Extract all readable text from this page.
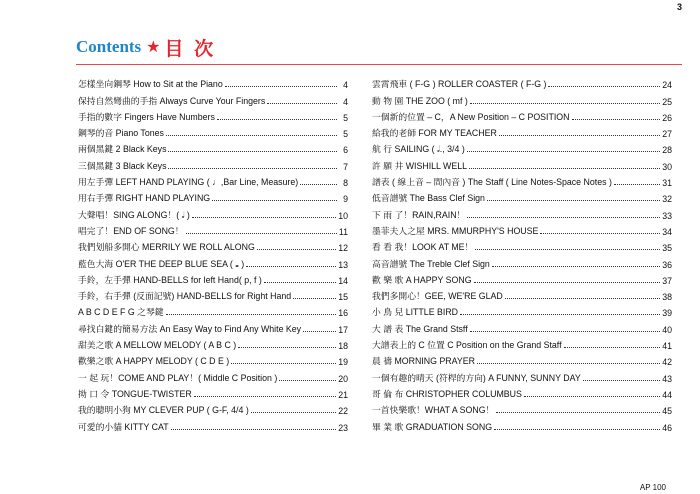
3
Contents ★ 目 次
怎樣坐向鋼琴 How to Sit at the Piano	4
保持自然彎曲的手指 Always Curve Your Fingers	4
手指的數字 Fingers Have Numbers	5
鋼琴的音 Piano Tones	5
兩個黑鍵 2 Black Keys	6
三個黑鍵 3 Black Keys	7
用左手彈 LEFT HAND PLAYING ( ♩,Bar Line, Measure)	8
用右手彈 RIGHT HAND PLAYING	9
大聲唱！SING ALONG！( 𝅗𝅥 )	10
唱完了！END OF SONG！	11
我們划船多開心 MERRILY WE ROLL ALONG	12
藍色大海 O'ER THE DEEP BLUE SEA ( 𝅝 )	13
手鈴，左手彈 HAND-BELLS for left Hand( p, f )	14
手鈴，右手彈 (反面記號) HAND-BELLS for Right Hand	15
A B C D E F G 之琴鍵	16
尋找白鍵的簡易方法 An Easy Way to Find Any White Key	17
甜美之歌 A MELLOW MELODY ( A B C )	18
歡樂之歌 A HAPPY MELODY ( C D E )	19
一 起 玩！COME AND PLAY！( Middle C Position )	20
拗 口 令 TONGUE-TWISTER	21
我的聰明小狗 MY CLEVER PUP ( G-F, 4/4 )	22
可愛的小貓 KITTY CAT	23
雲霄飛車 ( F-G ) ROLLER COASTER ( F-G )	24
動 物 園 THE ZOO ( mf )	25
一個新的位置 – C，A New Position – C POSITION	26
給我的老師 FOR MY TEACHER	27
航 行 SAILING ( 𝅗𝅥., 3/4 )	28
許 願 井 WISHILL WELL	30
譜表 ( 線上音 – 間內音 ) The Staff ( Line Notes-Space Notes )	31
低音譜號 The Bass Clef Sign	32
下 雨 了！RAIN,RAIN！	33
墨菲夫人之屋 MRS. MMURPHY'S HOUSE	34
看 看 我！LOOK AT ME！	35
高音譜號 The Treble Clef Sign	36
歡 樂 歌 A HAPPY SONG	37
我們多開心！GEE, WE'RE GLAD	38
小 鳥 兒 LITTLE BIRD	39
大 譜 表 The Grand Stsff	40
大譜表上的 C 位置 C Position on the Grand Staff	41
晨 禱 MORNING PRAYER	42
一個有趣的晴天 (符桿的方向) A FUNNY, SUNNY DAY	43
哥 倫 布 CHRISTOPHER COLUMBUS	44
一首快樂歌！WHAT A SONG！	45
畢 業 歌 GRADUATION SONG	46
AP 100
